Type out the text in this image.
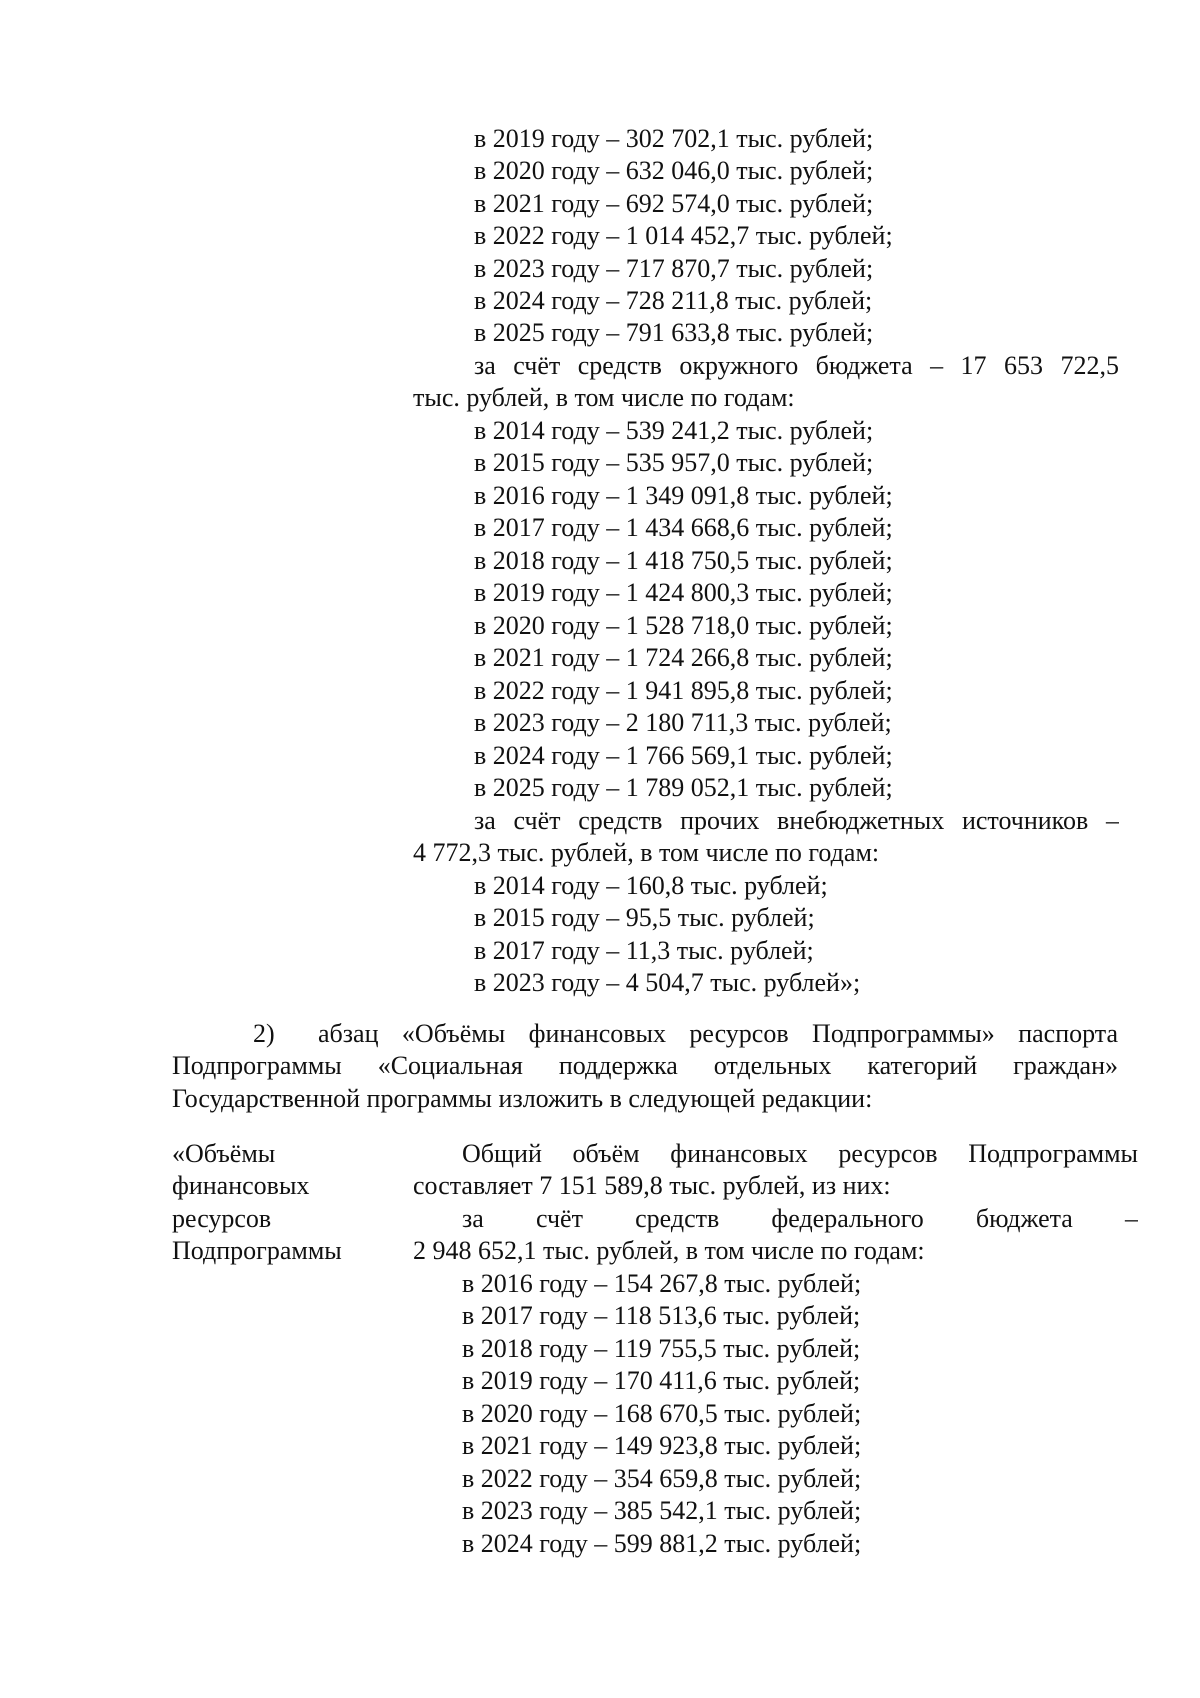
в 2019 году – 302 702,1 тыс. рублей;
в 2020 году – 632 046,0 тыс. рублей;
в 2021 году – 692 574,0 тыс. рублей;
в 2022 году – 1 014 452,7 тыс. рублей;
в 2023 году – 717 870,7 тыс. рублей;
в 2024 году – 728 211,8 тыс. рублей;
в 2025 году – 791 633,8 тыс. рублей;
за счёт средств окружного бюджета – 17 653 722,5
тыс. рублей, в том числе по годам:
в 2014 году – 539 241,2 тыс. рублей;
в 2015 году – 535 957,0 тыс. рублей;
в 2016 году – 1 349 091,8 тыс. рублей;
в 2017 году – 1 434 668,6 тыс. рублей;
в 2018 году – 1 418 750,5 тыс. рублей;
в 2019 году – 1 424 800,3 тыс. рублей;
в 2020 году – 1 528 718,0 тыс. рублей;
в 2021 году – 1 724 266,8 тыс. рублей;
в 2022 году – 1 941 895,8 тыс. рублей;
в 2023 году – 2 180 711,3 тыс. рублей;
в 2024 году – 1 766 569,1 тыс. рублей;
в 2025 году – 1 789 052,1 тыс. рублей;
за счёт средств прочих внебюджетных источников –
4 772,3 тыс. рублей, в том числе по годам:
в 2014 году – 160,8 тыс. рублей;
в 2015 году – 95,5 тыс. рублей;
в 2017 году – 11,3 тыс. рублей;
в 2023 году – 4 504,7 тыс. рублей»;
2) абзац «Объёмы финансовых ресурсов Подпрограммы» паспорта
Подпрограммы «Социальная поддержка отдельных категорий граждан»
Государственной программы изложить в следующей редакции:
«Объёмы
финансовых
ресурсов
Подпрограммы
Общий объём финансовых ресурсов Подпрограммы
составляет 7 151 589,8 тыс. рублей, из них:
за счёт средств федерального бюджета –
2 948 652,1 тыс. рублей, в том числе по годам:
в 2016 году – 154 267,8 тыс. рублей;
в 2017 году – 118 513,6 тыс. рублей;
в 2018 году – 119 755,5 тыс. рублей;
в 2019 году – 170 411,6 тыс. рублей;
в 2020 году – 168 670,5 тыс. рублей;
в 2021 году – 149 923,8 тыс. рублей;
в 2022 году – 354 659,8 тыс. рублей;
в 2023 году – 385 542,1 тыс. рублей;
в 2024 году – 599 881,2 тыс. рублей;
